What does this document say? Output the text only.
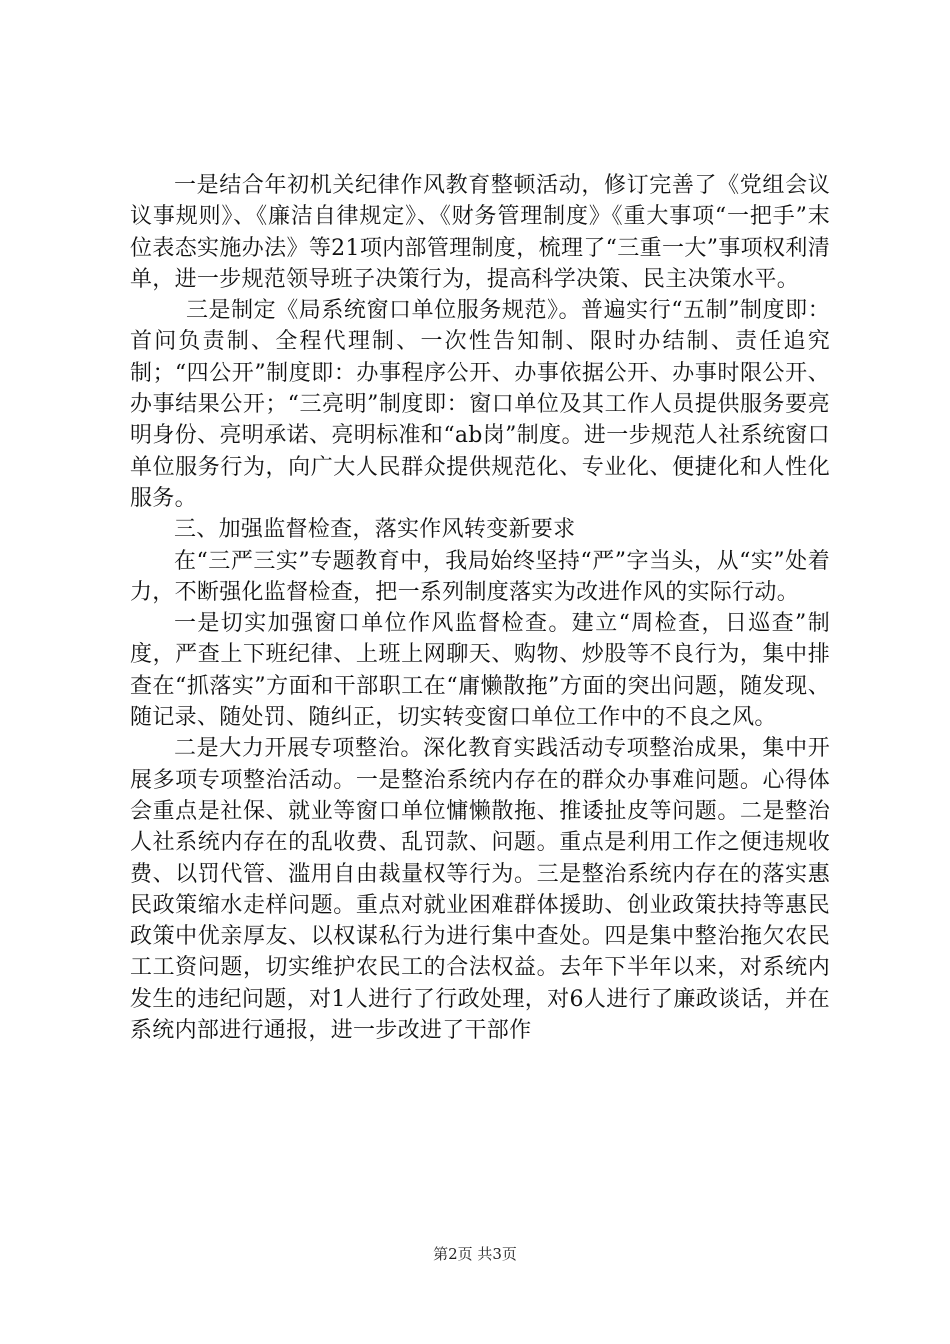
一是结合年初机关纪律作风教育整顿活动，修订完善了《党组会议议事规则》、《廉洁自律规定》、《财务管理制度》《重大事项“一把手”末位表态实施办法》等21项内部管理制度，梳理了“三重一大”事项权利清单，进一步规范领导班子决策行为，提高科学决策、民主决策水平。

三是制定《局系统窗口单位服务规范》。普遍实行“五制”制度即：首问负责制、全程代理制、一次性告知制、限时办结制、责任追究制；“四公开”制度即：办事程序公开、办事依据公开、办事时限公开、办事结果公开；“三亮明”制度即：窗口单位及其工作人员提供服务要亮明身份、亮明承诺、亮明标准和“ab岗”制度。进一步规范人社系统窗口单位服务行为，向广大人民群众提供规范化、专业化、便捷化和人性化服务。

三、加强监督检查，落实作风转变新要求

在“三严三实”专题教育中，我局始终坚持“严”字当头，从“实”处着力，不断强化监督检查，把一系列制度落实为改进作风的实际行动。

一是切实加强窗口单位作风监督检查。建立“周检查，日巡查”制度，严查上下班纪律、上班上网聊天、购物、炒股等不良行为，集中排查在“抓落实”方面和干部职工在“庸懒散拖”方面的突出问题，随发现、随记录、随处罚、随纠正，切实转变窗口单位工作中的不良之风。

二是大力开展专项整治。深化教育实践活动专项整治成果，集中开展多项专项整治活动。一是整治系统内存在的群众办事难问题。心得体会重点是社保、就业等窗口单位慵懒散拖、推诿扯皮等问题。二是整治人社系统内存在的乱收费、乱罚款、问题。重点是利用工作之便违规收费、以罚代管、滥用自由裁量权等行为。三是整治系统内存在的落实惠民政策缩水走样问题。重点对就业困难群体援助、创业政策扶持等惠民政策中优亲厚友、以权谋私行为进行集中查处。四是集中整治拖欠农民工工资问题，切实维护农民工的合法权益。去年下半年以来，对系统内发生的违纪问题，对1人进行了行政处理，对6人进行了廉政谈话，并在系统内部进行通报，进一步改进了干部作

第2页 共3页
